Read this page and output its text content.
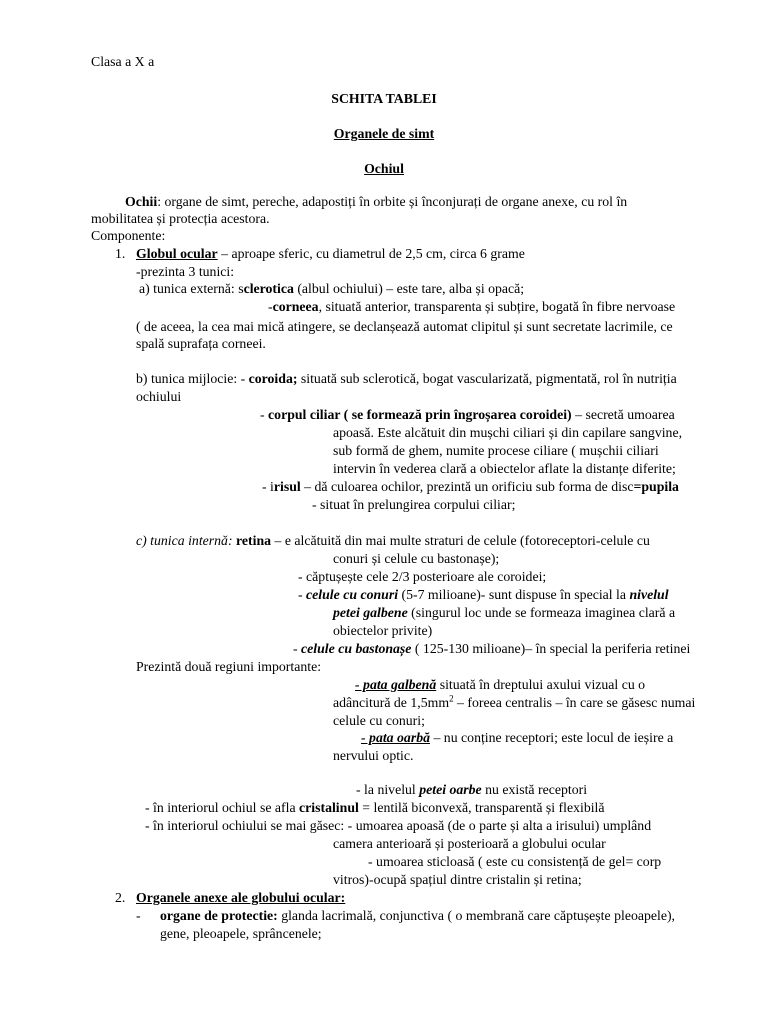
Clasa a X a
SCHITA TABLEI
Organele de simt
Ochiul
Ochii: organe de simt, pereche, adapostiți în orbite și înconjurați de organe anexe, cu rol în
mobilitatea și protecția acestora.
Componente:
1. Globul ocular – aproape sferic, cu diametrul de 2,5 cm, circa 6 grame
-prezinta 3 tunici:
a) tunica externă: sclerotica (albul ochiului) – este tare, alba și opacă;
-corneea, situată anterior, transparenta și subțire, bogată în fibre nervoase
( de aceea, la cea mai mică atingere, se declanșează automat clipitul și sunt secretate lacrimile, ce
spală suprafața corneei.
b) tunica mijlocie: - coroida; situată sub sclerotică, bogat vascularizată, pigmentată, rol în nutriția
ochiului
- corpul ciliar ( se formează prin îngroșarea coroidei) – secretă umoarea
apoasă. Este alcătuit din mușchi ciliari și din capilare sangvine,
sub formă de ghem, numite procese ciliare ( mușchii ciliari
intervin în vederea clară a obiectelor aflate la distanțe diferite;
- irisul – dă culoarea ochilor, prezintă un orificiu sub forma de disc=pupila
- situat în prelungirea corpului ciliar;
c) tunica internă: retina – e alcătuită din mai multe straturi de celule (fotoreceptori-celule cu
conuri și celule cu bastonașe);
- căptușește cele 2/3 posterioare ale coroidei;
- celule cu conuri (5-7 milioane)- sunt dispuse în special la nivelul
petei galbene (singurul loc unde se formeaza imaginea clară a
obiectelor privite)
- celule cu bastonașe ( 125-130 milioane)– în special la periferia retinei
Prezintă două regiuni importante:
- pata galbenă situată în dreptului axului vizual cu o
adâncitură de $1,5mm^2$ – foreea centralis – în care se găsesc numai
celule cu conuri;
- pata oarbă – nu conține receptori; este locul de ieșire a
nervului optic.
- la nivelul petei oarbe nu există receptori
- în interiorul ochiul se afla cristalinul = lentilă biconvexă, transparentă și flexibilă
- în interiorul ochiului se mai găsec: - umoarea apoasă (de o parte și alta a irisului) umplând
camera anterioară și posterioară a globului ocular
- umoarea sticloasă ( este cu consistență de gel= corp
vitros)-ocupă spațiul dintre cristalin și retina;
2. Organele anexe ale globului ocular:
- organe de protectie: glanda lacrimală, conjunctiva ( o membrană care căptușește pleoapele),
gene, pleoapele, sprâncenele;
